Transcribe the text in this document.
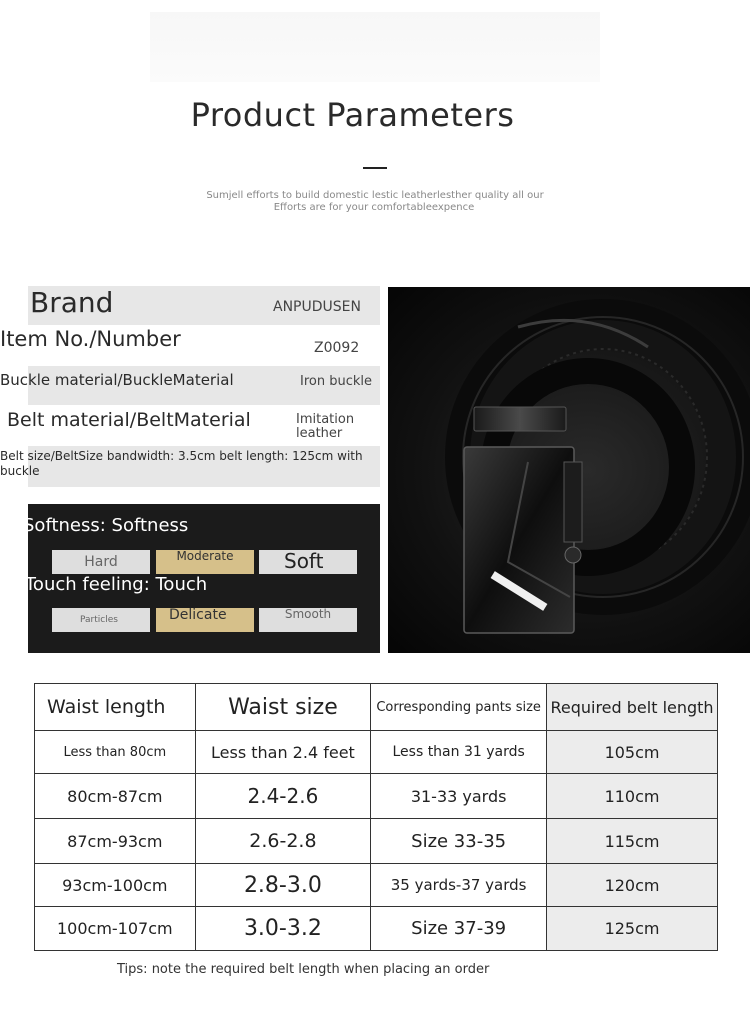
Product Parameters
Sumjell efforts to build domestic lestic leatherlesther quality all our
Efforts are for your comfortableexpence
Brand	ANPUDUSEN
Item No./Number	Z0092
Buckle material/BuckleMaterial	Iron buckle
Belt material/BeltMaterial	Imitation
leather
Belt size/BeltSize bandwidth: 3.5cm belt length: 125cm with
buckle
Softness: Softness
Hard	Moderate	Soft
Touch feeling: Touch
Particles	Delicate	Smooth
Waist length	Waist size	Corresponding pants size	Required belt length
Less than 80cm	Less than 2.4 feet	Less than 31 yards	105cm
80cm-87cm	2.4-2.6	31-33 yards	110cm
87cm-93cm	2.6-2.8	Size 33-35	115cm
93cm-100cm	2.8-3.0	35 yards-37 yards	120cm
100cm-107cm	3.0-3.2	Size 37-39	125cm
Tips: note the required belt length when placing an order
